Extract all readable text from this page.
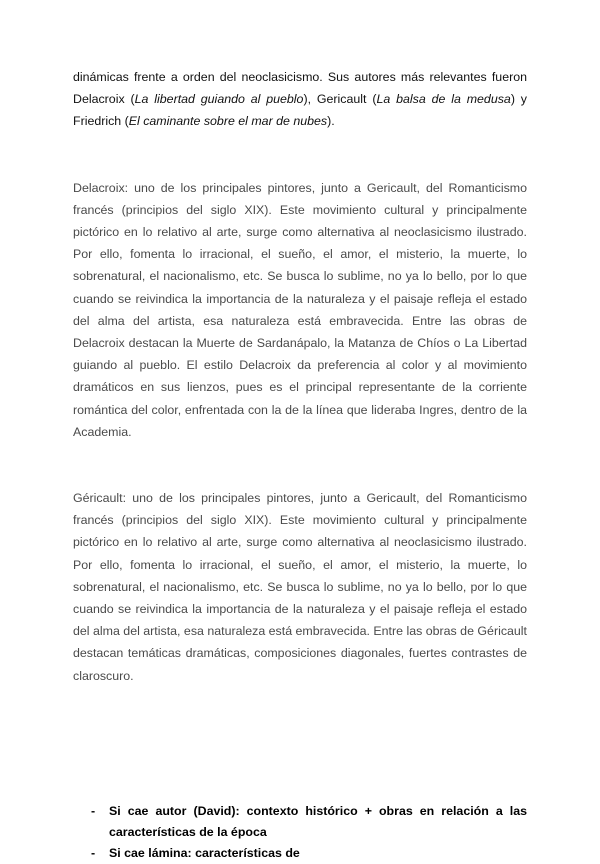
dinámicas frente a orden del neoclasicismo. Sus autores más relevantes fueron Delacroix (La libertad guiando al pueblo), Gericault (La balsa de la medusa) y Friedrich (El caminante sobre el mar de nubes).

Delacroix: uno de los principales pintores, junto a Gericault, del Romanticismo francés (principios del siglo XIX). Este movimiento cultural y principalmente pictórico en lo relativo al arte, surge como alternativa al neoclasicismo ilustrado. Por ello, fomenta lo irracional, el sueño, el amor, el misterio, la muerte, lo sobrenatural, el nacionalismo, etc. Se busca lo sublime, no ya lo bello, por lo que cuando se reivindica la importancia de la naturaleza y el paisaje refleja el estado del alma del artista, esa naturaleza está embravecida. Entre las obras de Delacroix destacan la Muerte de Sardanápalo, la Matanza de Chíos o La Libertad guiando al pueblo. El estilo Delacroix da preferencia al color y al movimiento dramáticos en sus lienzos, pues es el principal representante de la corriente romántica del color, enfrentada con la de la línea que lideraba Ingres, dentro de la Academia.

Géricault: uno de los principales pintores, junto a Gericault, del Romanticismo francés (principios del siglo XIX). Este movimiento cultural y principalmente pictórico en lo relativo al arte, surge como alternativa al neoclasicismo ilustrado. Por ello, fomenta lo irracional, el sueño, el amor, el misterio, la muerte, lo sobrenatural, el nacionalismo, etc. Se busca lo sublime, no ya lo bello, por lo que cuando se reivindica la importancia de la naturaleza y el paisaje refleja el estado del alma del artista, esa naturaleza está embravecida. Entre las obras de Géricault destacan temáticas dramáticas, composiciones diagonales, fuertes contrastes de claroscuro.

- Si cae autor (David): contexto histórico + obras en relación a las características de la época
- Si cae lámina: características de
